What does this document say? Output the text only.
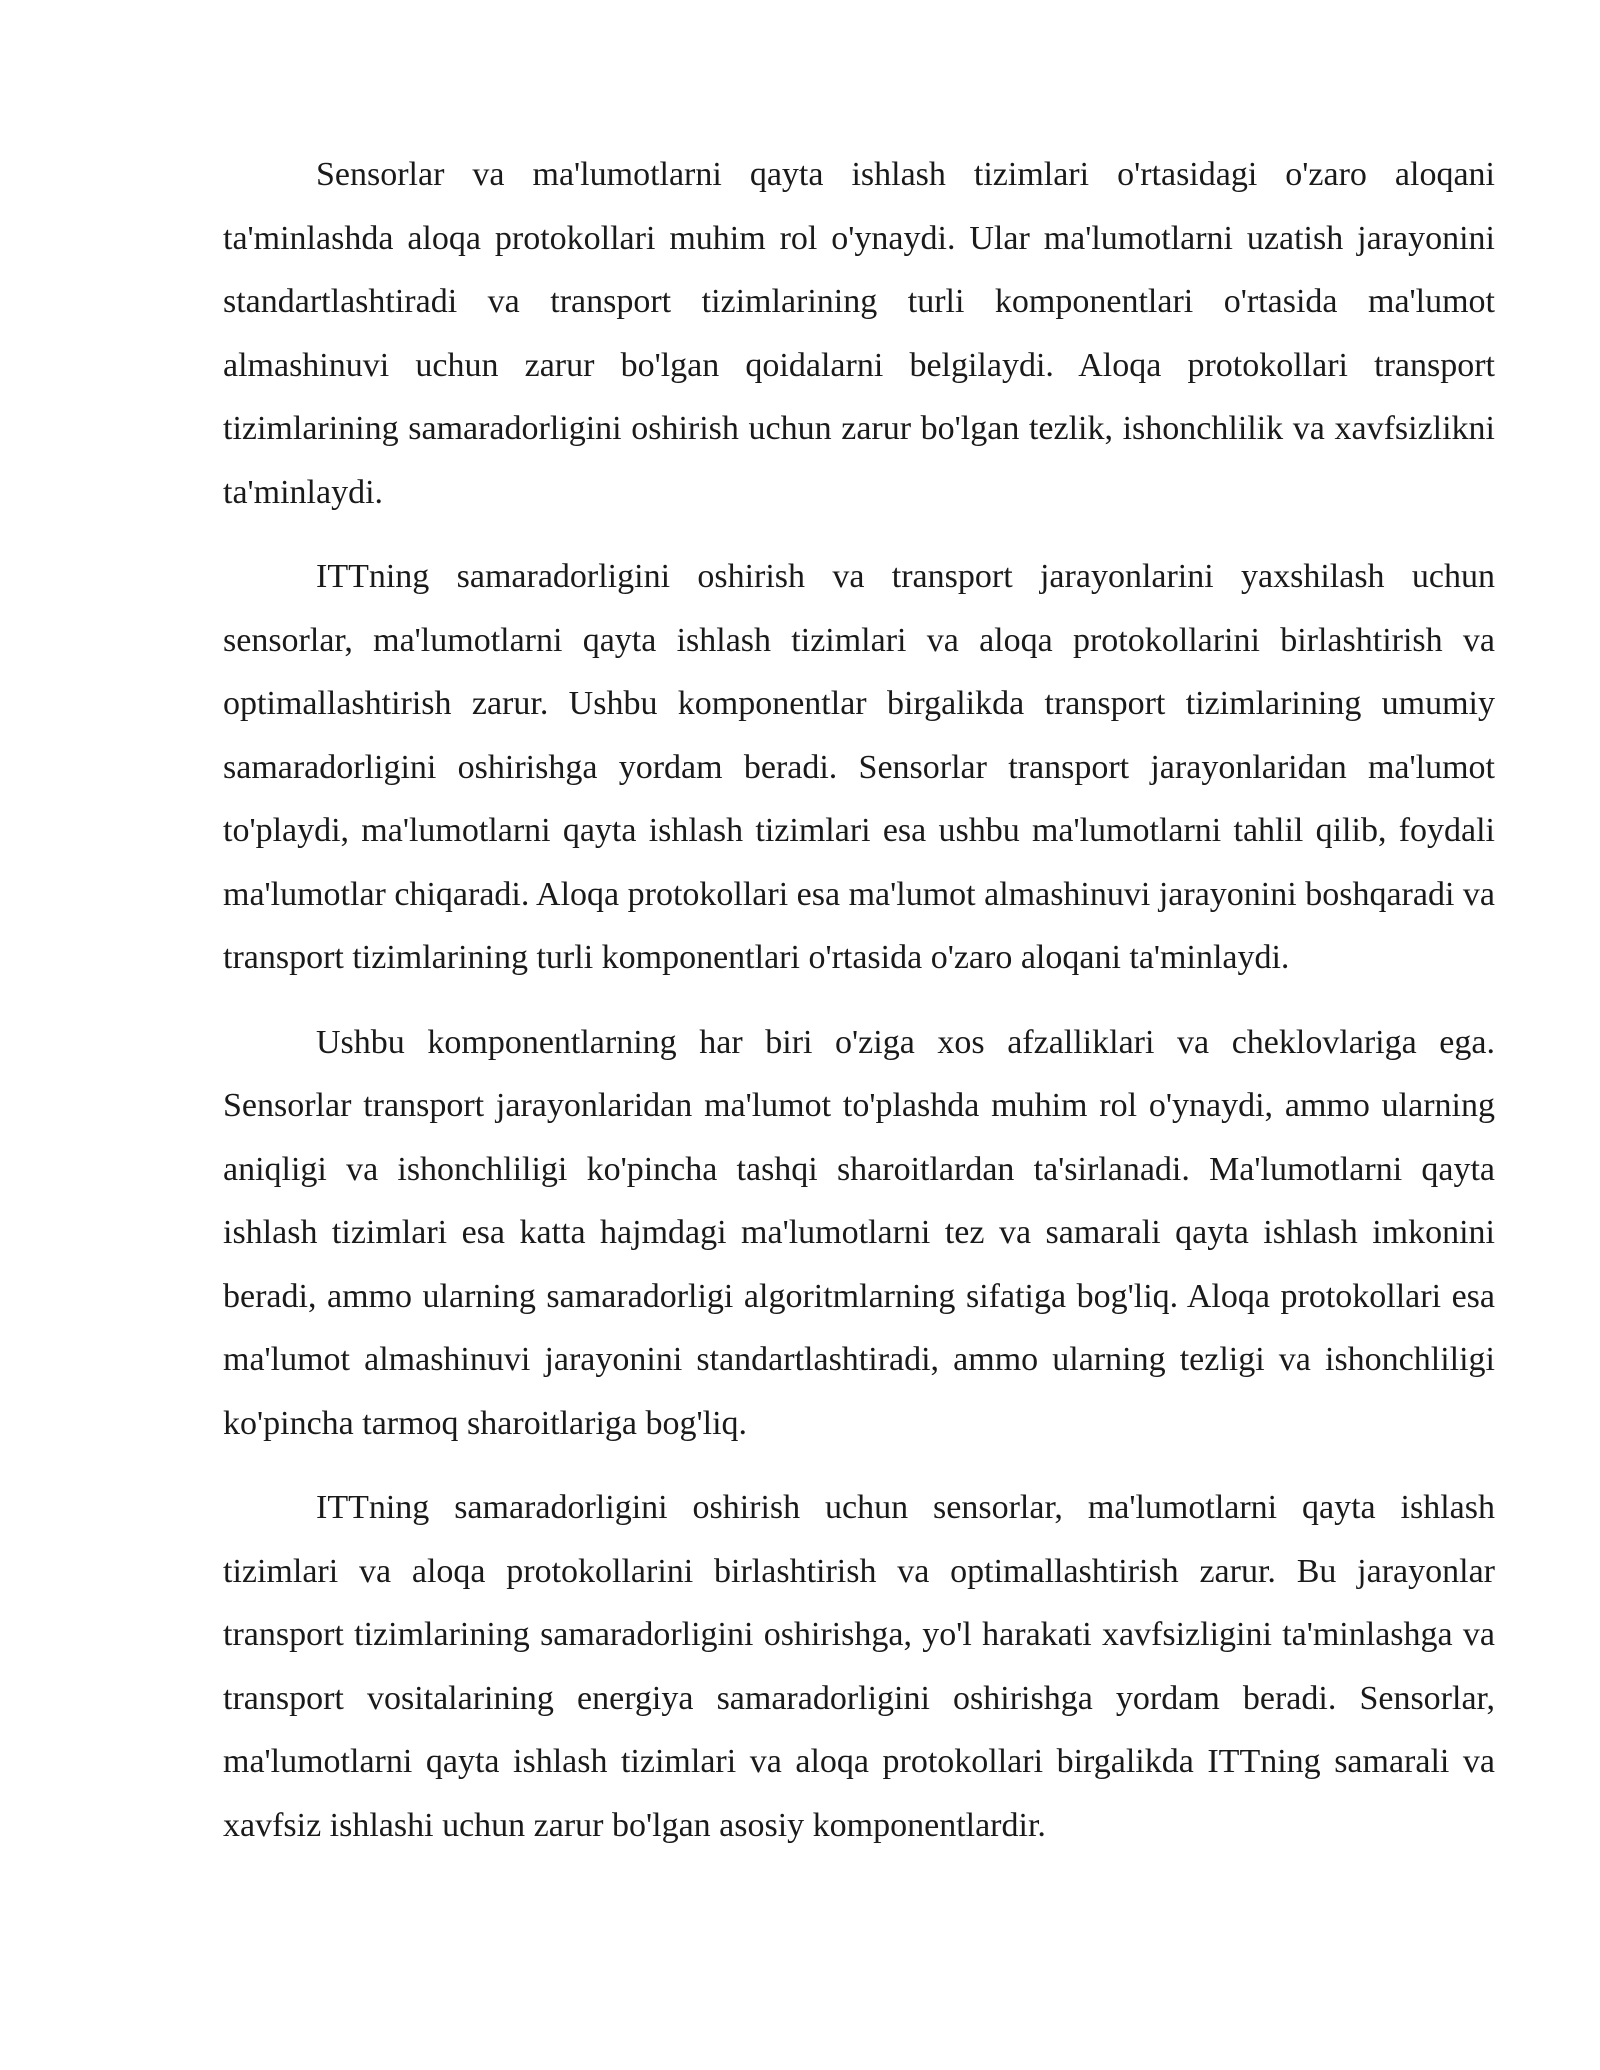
Sensorlar va ma'lumotlarni qayta ishlash tizimlari o'rtasidagi o'zaro aloqani ta'minlashda aloqa protokollari muhim rol o'ynaydi. Ular ma'lumotlarni uzatish jarayonini standartlashtiradi va transport tizimlarining turli komponentlari o'rtasida ma'lumot almashinuvi uchun zarur bo'lgan qoidalarni belgilaydi. Aloqa protokollari transport tizimlarining samaradorligini oshirish uchun zarur bo'lgan tezlik, ishonchlilik va xavfsizlikni ta'minlaydi.

ITTning samaradorligini oshirish va transport jarayonlarini yaxshilash uchun sensorlar, ma'lumotlarni qayta ishlash tizimlari va aloqa protokollarini birlashtirish va optimallashtirish zarur. Ushbu komponentlar birgalikda transport tizimlarining umumiy samaradorligini oshirishga yordam beradi. Sensorlar transport jarayonlaridan ma'lumot to'playdi, ma'lumotlarni qayta ishlash tizimlari esa ushbu ma'lumotlarni tahlil qilib, foydali ma'lumotlar chiqaradi. Aloqa protokollari esa ma'lumot almashinuvi jarayonini boshqaradi va transport tizimlarining turli komponentlari o'rtasida o'zaro aloqani ta'minlaydi.

Ushbu komponentlarning har biri o'ziga xos afzalliklari va cheklovlariga ega. Sensorlar transport jarayonlaridan ma'lumot to'plashda muhim rol o'ynaydi, ammo ularning aniqligi va ishonchliligi ko'pincha tashqi sharoitlardan ta'sirlanadi. Ma'lumotlarni qayta ishlash tizimlari esa katta hajmdagi ma'lumotlarni tez va samarali qayta ishlash imkonini beradi, ammo ularning samaradorligi algoritmlarning sifatiga bog'liq. Aloqa protokollari esa ma'lumot almashinuvi jarayonini standartlashtiradi, ammo ularning tezligi va ishonchliligi ko'pincha tarmoq sharoitlariga bog'liq.

ITTning samaradorligini oshirish uchun sensorlar, ma'lumotlarni qayta ishlash tizimlari va aloqa protokollarini birlashtirish va optimallashtirish zarur. Bu jarayonlar transport tizimlarining samaradorligini oshirishga, yo'l harakati xavfsizligini ta'minlashga va transport vositalarining energiya samaradorligini oshirishga yordam beradi. Sensorlar, ma'lumotlarni qayta ishlash tizimlari va aloqa protokollari birgalikda ITTning samarali va xavfsiz ishlashi uchun zarur bo'lgan asosiy komponentlardir.
